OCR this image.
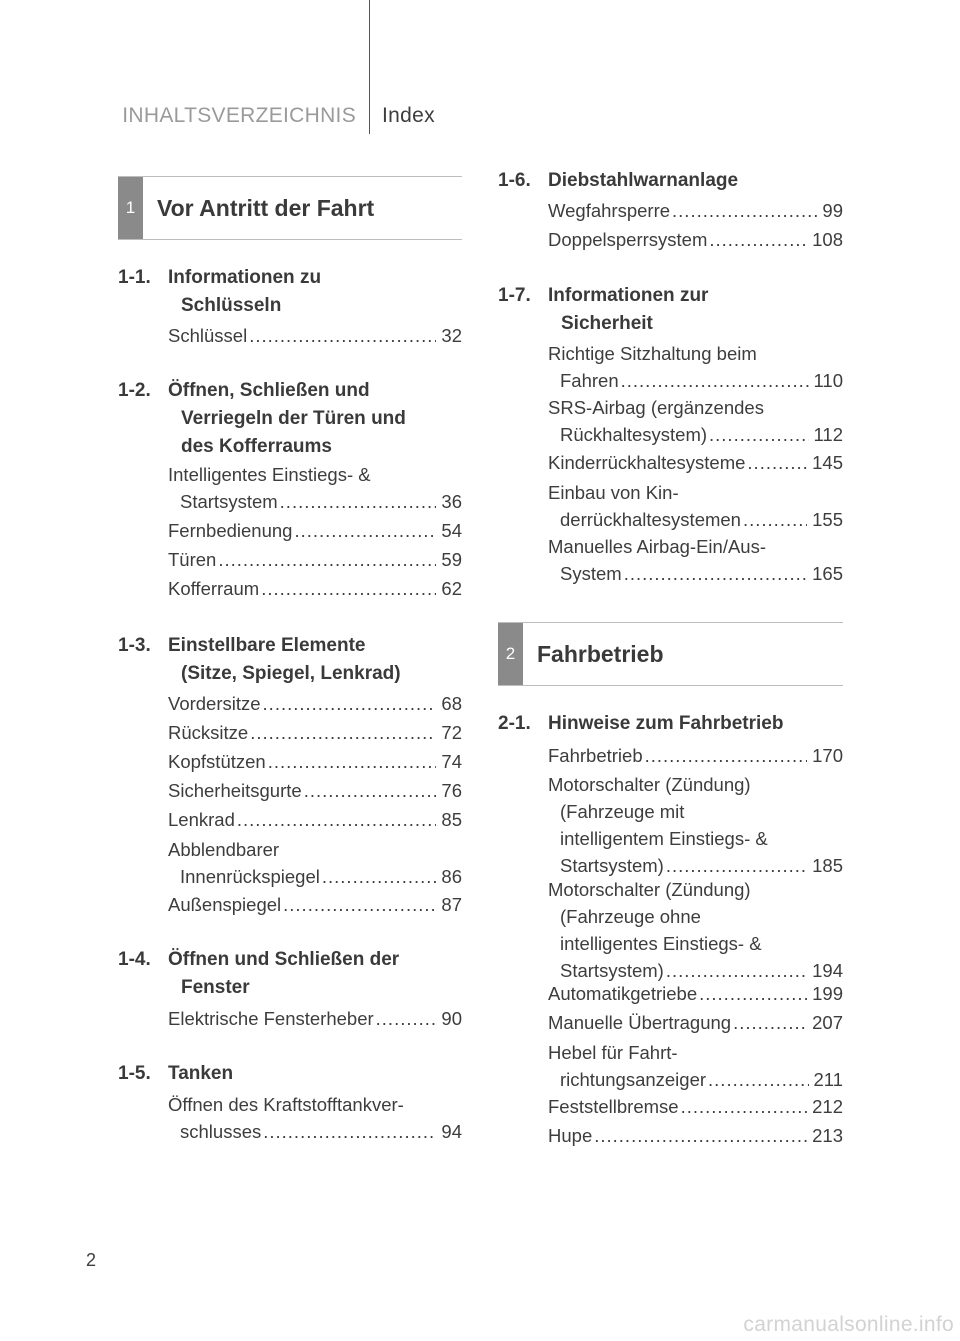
INHALTSVERZEICHNIS Index
1 Vor Antritt der Fahrt
1-1. Informationen zu
Schlüsseln
Schlüssel .....	32
1-2. Öffnen, Schließen und
Verriegeln der Türen und
des Kofferraums
Intelligentes Einstiegs- &
Startsystem .....	36
Fernbedienung .....	54
Türen .....	59
Kofferraum .....	62
1-3. Einstellbare Elemente
(Sitze, Spiegel, Lenkrad)
Vordersitze .....	68
Rücksitze .....	72
Kopfstützen .....	74
Sicherheitsgurte .....	76
Lenkrad .....	85
Abblendbarer
Innenrückspiegel .....	86
Außenspiegel .....	87
1-4. Öffnen und Schließen der
Fenster
Elektrische Fensterheber .....	90
1-5. Tanken
Öffnen des Kraftstofftankver-
schlusses .....	94
1-6. Diebstahlwarnanlage
Wegfahrsperre .....	99
Doppelsperrsystem .....	108
1-7. Informationen zur
Sicherheit
Richtige Sitzhaltung beim
Fahren .....	110
SRS-Airbag (ergänzendes
Rückhaltesystem) .....	112
Kinderrückhaltesysteme .....	145
Einbau von Kin-
derrückhaltesystemen .....	155
Manuelles Airbag-Ein/Aus-
System .....	165
2 Fahrbetrieb
2-1. Hinweise zum Fahrbetrieb
Fahrbetrieb .....	170
Motorschalter (Zündung)
(Fahrzeuge mit
intelligentem Einstiegs- &
Startsystem) .....	185
Motorschalter (Zündung)
(Fahrzeuge ohne
intelligentes Einstiegs- &
Startsystem) .....	194
Automatikgetriebe .....	199
Manuelle Übertragung .....	207
Hebel für Fahrt-
richtungsanzeiger .....	211
Feststellbremse .....	212
Hupe .....	213
2
carmanualsonline.info
